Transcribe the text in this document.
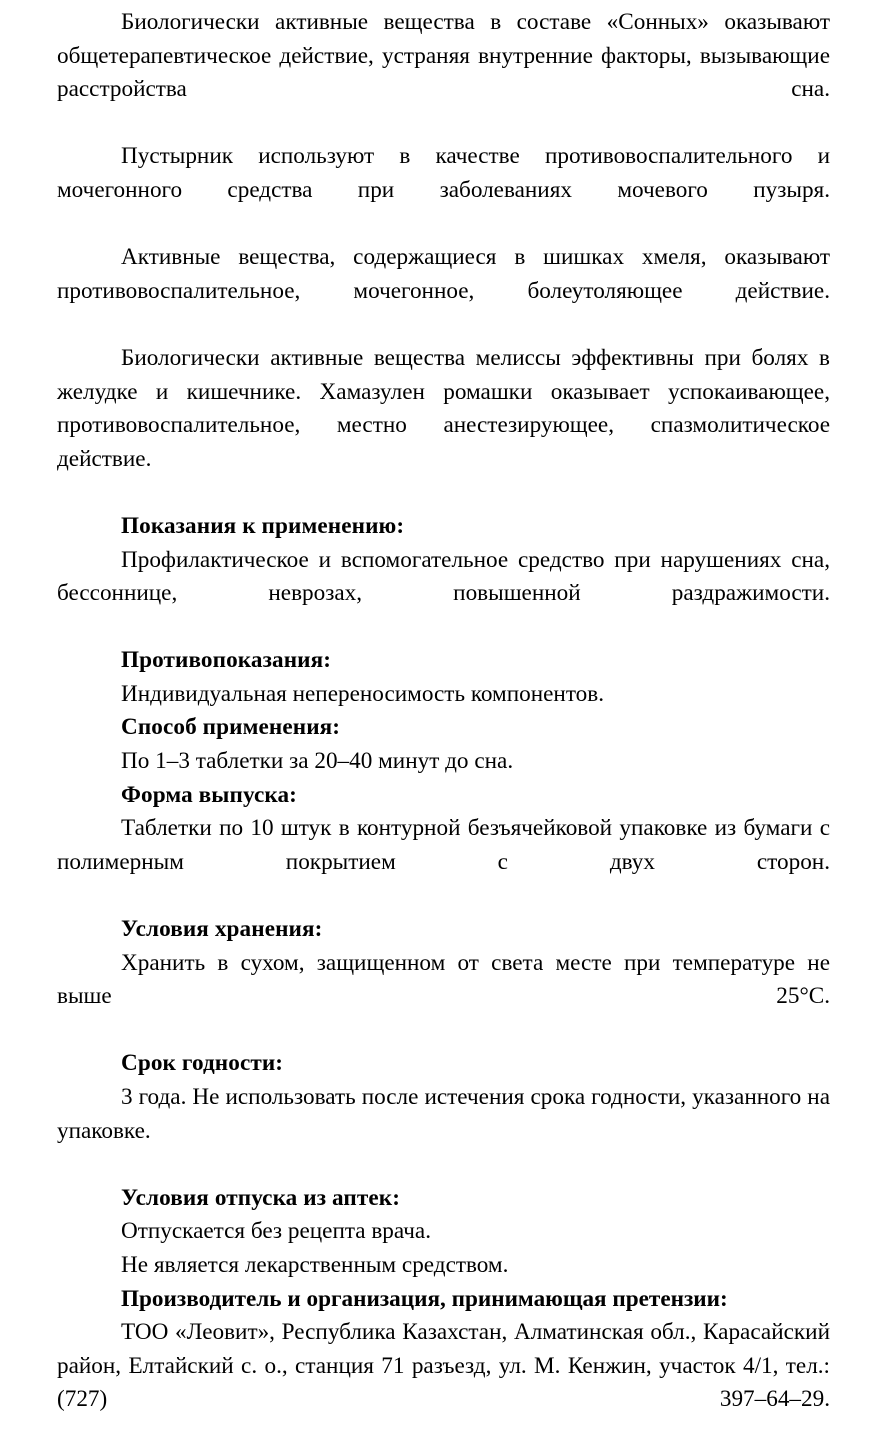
Биологически активные вещества в составе «Сонных» оказывают общетерапевтическое действие, устраняя внутренние факторы, вызывающие расстройства сна.

Пустырник используют в качестве противовоспалительного и мочегонного средства при заболеваниях мочевого пузыря.

Активные вещества, содержащиеся в шишках хмеля, оказывают противовоспалительное, мочегонное, болеутоляющее действие.

Биологически активные вещества мелиссы эффективны при болях в желудке и кишечнике. Хамазулен ромашки оказывает успокаивающее, противовоспалительное, местно анестезирующее, спазмолитическое действие.

Показания к применению:

Профилактическое и вспомогательное средство при нарушениях сна, бессоннице, неврозах, повышенной раздражимости.

Противопоказания:

Индивидуальная непереносимость компонентов.

Способ применения:

По 1–3 таблетки за 20–40 минут до сна.

Форма выпуска:

Таблетки по 10 штук в контурной безъячейковой упаковке из бумаги с полимерным покрытием с двух сторон.

Условия хранения:

Хранить в сухом, защищенном от света месте при температуре не выше 25°С.

Срок годности:

3 года. Не использовать после истечения срока годности, указанного на упаковке.

Условия отпуска из аптек:

Отпускается без рецепта врача.

Не является лекарственным средством.

Производитель и организация, принимающая претензии:

ТОО «Леовит», Республика Казахстан, Алматинская обл., Карасайский район, Елтайский с. о., станция 71 разъезд, ул. М. Кенжин, участок 4/1, тел.: (727) 397–64–29.
